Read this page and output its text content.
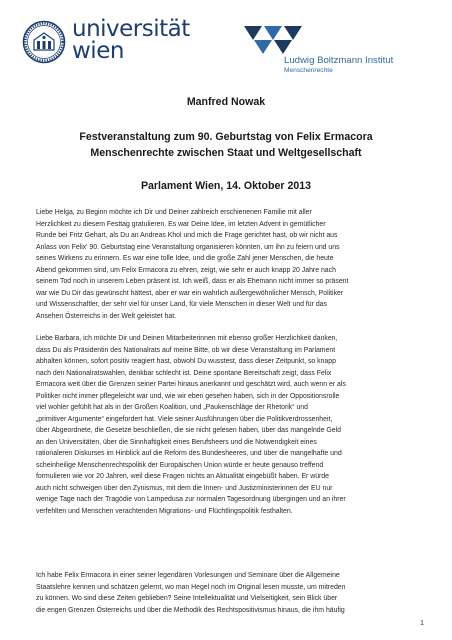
universität
wien	Ludwig Boltzmann Institut
Menschenrechte
Manfred Nowak
Festveranstaltung zum 90. Geburtstag von Felix Ermacora
Menschenrechte zwischen Staat und Weltgesellschaft
Parlament Wien, 14. Oktober 2013
Liebe Helga, zu Beginn möchte ich Dir und Deiner zahlreich erschienenen Familie mit aller
Herzlichkeit zu diesem Festtag gratulieren. Es war Deine Idee, im letzten Advent in gemütlicher
Runde bei Fritz Gehart, als Du an Andreas Khol und mich die Frage gerichtet hast, ob wir nicht aus
Anlass von Felix' 90. Geburtstag eine Veranstaltung organisieren könnten, um ihn zu feiern und uns
seines Wirkens zu erinnern. Es war eine tolle Idee, und die große Zahl jener Menschen, die heute
Abend gekommen sind, um Felix Ermacora zu ehren, zeigt, wie sehr er auch knapp 20 Jahre nach
seinem Tod noch in unserem Leben präsent ist. Ich weiß, dass er als Ehemann nicht immer so präsent
war wie Du Dir das gewünscht hättest, aber er war ein wahrlich außergewöhnlicher Mensch, Politiker
und Wissenschaftler, der sehr viel für unser Land, für viele Menschen in dieser Welt und für das
Ansehen Österreichs in der Welt geleistet hat.
Liebe Barbara, ich möchte Dir und Deinen Mitarbeiterinnen mit ebenso großer Herzlichkeit danken,
dass Du als Präsidentin des Nationalrats auf meine Bitte, ob wir diese Veranstaltung im Parlament
abhalten können, sofort positiv reagiert hast, obwohl Du wusstest, dass dieser Zeitpunkt, so knapp
nach den Nationalratswahlen, denkbar schlecht ist. Deine spontane Bereitschaft zeigt, dass Felix
Ermacora weit über die Grenzen seiner Partei hinaus anerkannt und geschätzt wird, auch wenn er als
Politiker nicht immer pflegeleicht war und, wie wir eben gesehen haben, sich in der Oppositionsrolle
viel wohler gefühlt hat als in der Großen Koalition, und „Paukenschläge der Rhetorik“ und
„primitiver Argumente“ eingefordert hat. Viele seiner Ausführungen über die Politikverdrossenheit,
über Abgeordnete, die Gesetze beschließen, die sie nicht gelesen haben, über das mangelnde Geld
an den Universitäten, über die Sinnhaftigkeit eines Berufsheers und die Notwendigkeit eines
rationaleren Diskurses im Hinblick auf die Reform des Bundesheeres, und über die mangelhafte und
scheinheilige Menschenrechtspolitik der Europäischen Union würde er heute genauso treffend
formulieren wie vor 20 Jahren, weil diese Fragen nichts an Aktualität eingebüßt haben. Er würde
auch nicht schweigen über den Zynismus, mit dem die Innen- und Justizministerinnen der EU nur
wenige Tage nach der Tragödie von Lampedusa zur normalen Tagesordnung übergingen und an ihrer
verfehlten und Menschen verachtenden Migrations- und Flüchtlingspolitik festhalten.
Ich habe Felix Ermacora in einer seiner legendären Vorlesungen und Seminare über die Allgemeine
Staatslehre kennen und schätzen gelernt, wo man Hegel noch im Original lesen musste, um mitreden
zu können. Wo sind diese Zeiten geblieben? Seine Intellektualität und Vielseitigkeit, sein Blick über
die engen Grenzen Österreichs und über die Methodik des Rechtspositivismus hinaus, die ihm häufig
1
